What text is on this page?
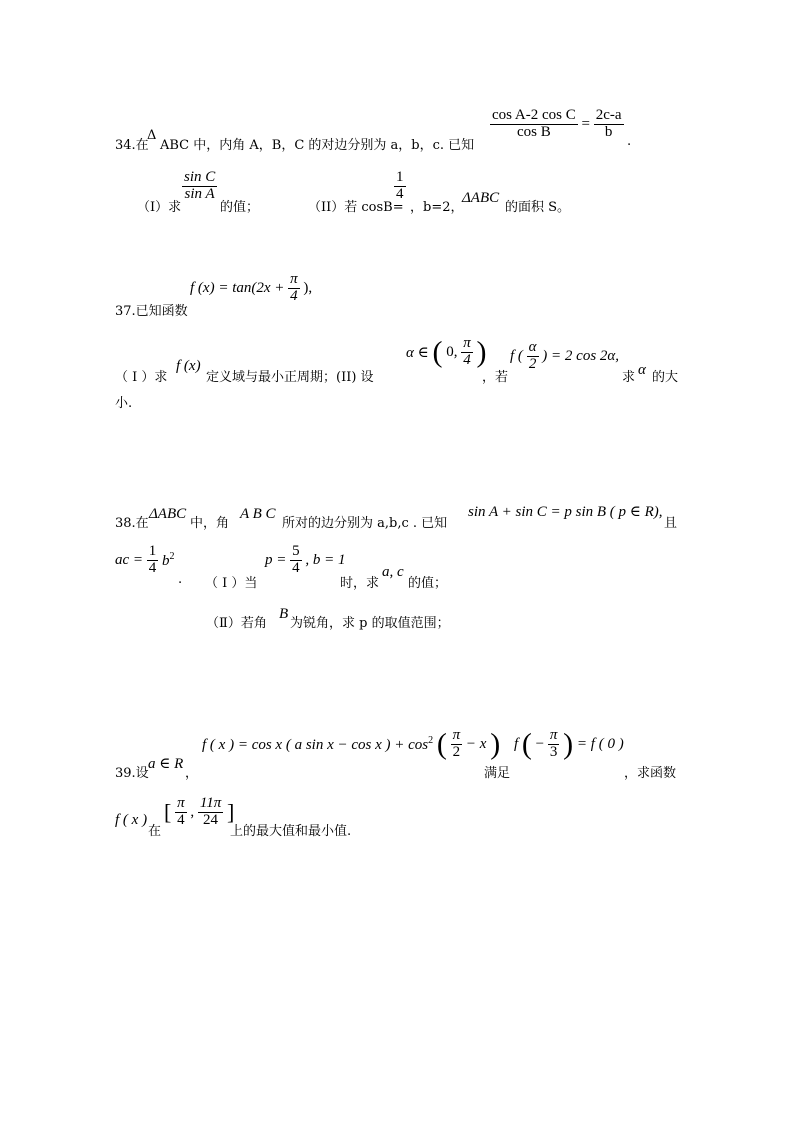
34.在
Δ
ABC 中，内角 A，B，C 的对边分别为 a，b，c. 已知
$\frac{\text{cos A-2 cos C}}{\text{cos B}} = \frac{2c-a}{b}$
.
（I）求
$\frac{\text{sin C}}{\text{sin A}}$
的值；	（II）若 cosB=
$\frac{1}{4}$
，b=2，
ΔABC
的面积 S。
37.已知函数
f $(x) = \tan(2x + \frac{\pi}{4}$ ),
（ I ）求
f (x)
定义域与最小正周期；(II) 设
α ∈ ( 0, $\frac{\pi}{4}$ )
，若
f ( $\frac{\alpha}{2}$ ) = 2 cos 2α,
求 α 的大
小.
38.在
ΔABC
中，角
A B C
所对的边分别为 a,b,c . 已知
sin A + sin C = p sin B ( p ∈ R),
且
ac = $\frac{1}{4} b^2$
. （ I ）当
$p = \frac{5}{4}$ , b = 1
时，求
a, c
的值；
（Ⅱ）若角
B
为锐角，求 p 的取值范围；
39.设
a ∈ R
，
f ( x ) = cos x ( a sin x − cos x ) + $\cos^2$ ( $\frac{\pi}{2} - x$ )
满足
f ( − $\frac{\pi}{3}$ ) = f ( 0 )
，求函数
f ( x )
在
[ $\frac{\pi}{4}$ , $\frac{11\pi}{24}$ ]
上的最大值和最小值.
